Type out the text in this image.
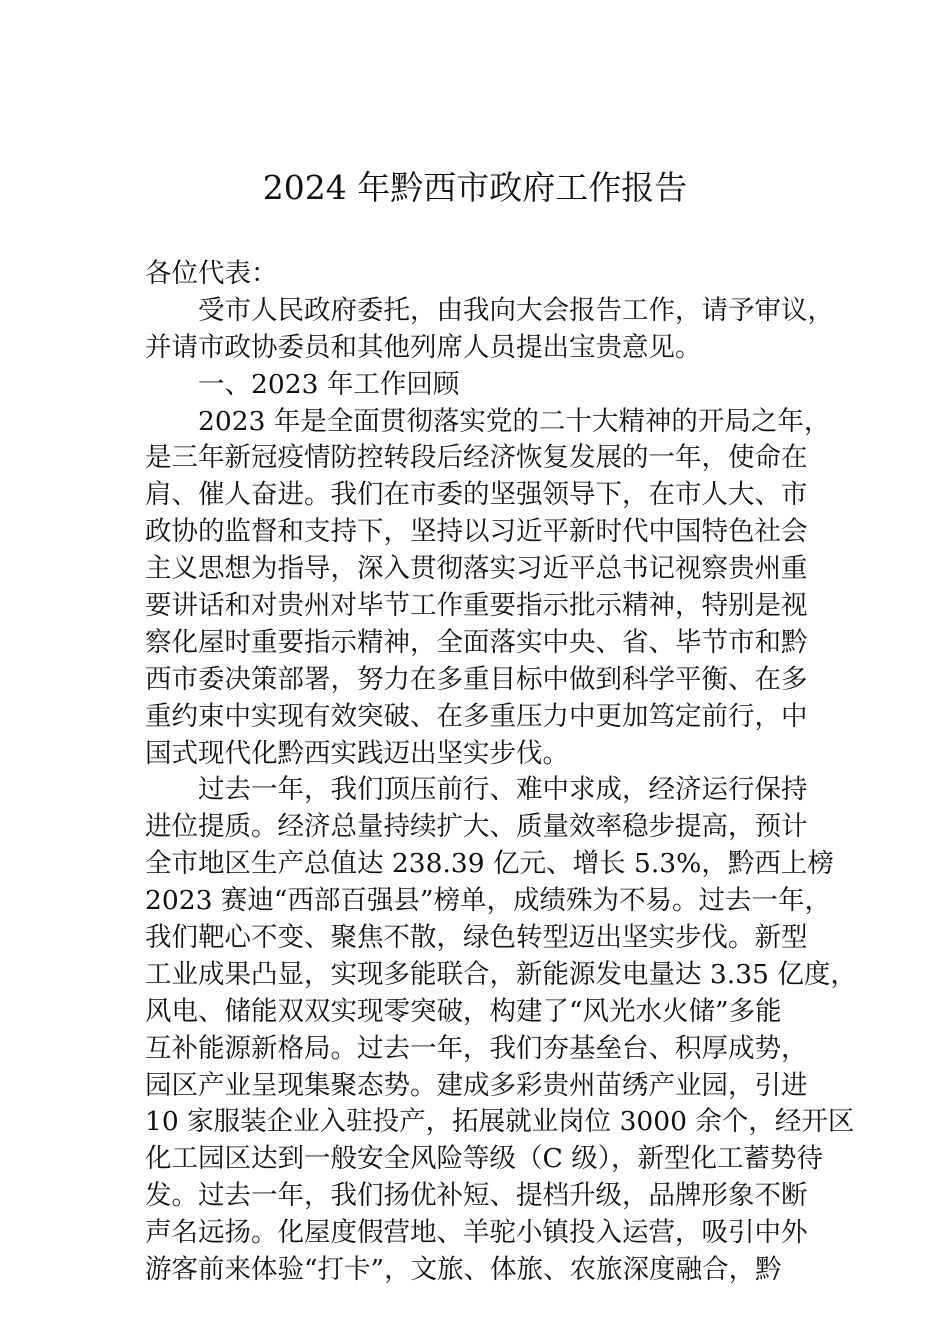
2024 年黔西市政府工作报告
各位代表：
受市人民政府委托，由我向大会报告工作，请予审议，
并请市政协委员和其他列席人员提出宝贵意见。
一、2023 年工作回顾
2023 年是全面贯彻落实党的二十大精神的开局之年，
是三年新冠疫情防控转段后经济恢复发展的一年，使命在
肩、催人奋进。我们在市委的坚强领导下，在市人大、市
政协的监督和支持下，坚持以习近平新时代中国特色社会
主义思想为指导，深入贯彻落实习近平总书记视察贵州重
要讲话和对贵州对毕节工作重要指示批示精神，特别是视
察化屋时重要指示精神，全面落实中央、省、毕节市和黔
西市委决策部署，努力在多重目标中做到科学平衡、在多
重约束中实现有效突破、在多重压力中更加笃定前行，中
国式现代化黔西实践迈出坚实步伐。
过去一年，我们顶压前行、难中求成，经济运行保持
进位提质。经济总量持续扩大、质量效率稳步提高，预计
全市地区生产总值达 238.39 亿元、增长 5.3%，黔西上榜
2023 赛迪“西部百强县”榜单，成绩殊为不易。过去一年，
我们靶心不变、聚焦不散，绿色转型迈出坚实步伐。新型
工业成果凸显，实现多能联合，新能源发电量达 3.35 亿度，
风电、储能双双实现零突破，构建了“风光水火储”多能
互补能源新格局。过去一年，我们夯基垒台、积厚成势，
园区产业呈现集聚态势。建成多彩贵州苗绣产业园，引进
10 家服装企业入驻投产，拓展就业岗位 3000 余个，经开区
化工园区达到一般安全风险等级（C 级），新型化工蓄势待
发。过去一年，我们扬优补短、提档升级，品牌形象不断
声名远扬。化屋度假营地、羊驼小镇投入运营，吸引中外
游客前来体验“打卡”，文旅、体旅、农旅深度融合，黔
